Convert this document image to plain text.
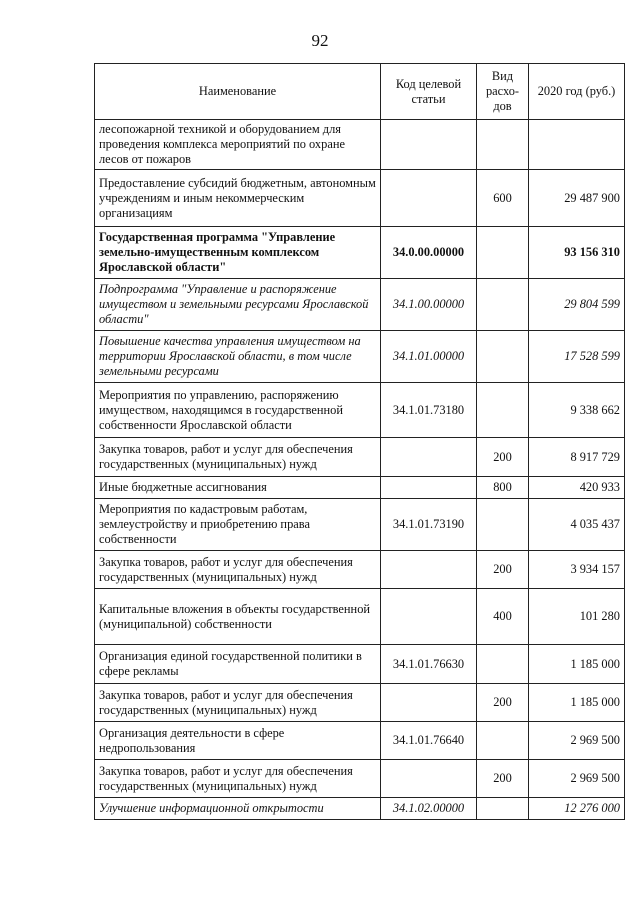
92
Наименование	Код целевой статьи	Вид расхо-дов	2020 год (руб.)
лесопожарной техникой и оборудованием для проведения комплекса мероприятий по охране лесов от пожаров			
Предоставление субсидий бюджетным, автономным учреждениям и иным некоммерческим организациям		600	29 487 900
Государственная программа "Управление земельно-имущественным комплексом Ярославской области"	34.0.00.00000		93 156 310
Подпрограмма "Управление и распоряжение имуществом и земельными ресурсами Ярославской области"	34.1.00.00000		29 804 599
Повышение качества управления имуществом на территории Ярославской области, в том числе земельными ресурсами	34.1.01.00000		17 528 599
Мероприятия по управлению, распоряжению имуществом, находящимся в государственной собственности Ярославской области	34.1.01.73180		9 338 662
Закупка товаров, работ и услуг для обеспечения государственных (муниципальных) нужд		200	8 917 729
Иные бюджетные ассигнования		800	420 933
Мероприятия по кадастровым работам, землеустройству и приобретению права собственности	34.1.01.73190		4 035 437
Закупка товаров, работ и услуг для обеспечения государственных (муниципальных) нужд		200	3 934 157
Капитальные вложения в объекты государственной (муниципальной) собственности		400	101 280
Организация единой государственной политики в сфере рекламы	34.1.01.76630		1 185 000
Закупка товаров, работ и услуг для обеспечения государственных (муниципальных) нужд		200	1 185 000
Организация деятельности в сфере недропользования	34.1.01.76640		2 969 500
Закупка товаров, работ и услуг для обеспечения государственных (муниципальных) нужд		200	2 969 500
Улучшение информационной открытости	34.1.02.00000		12 276 000
